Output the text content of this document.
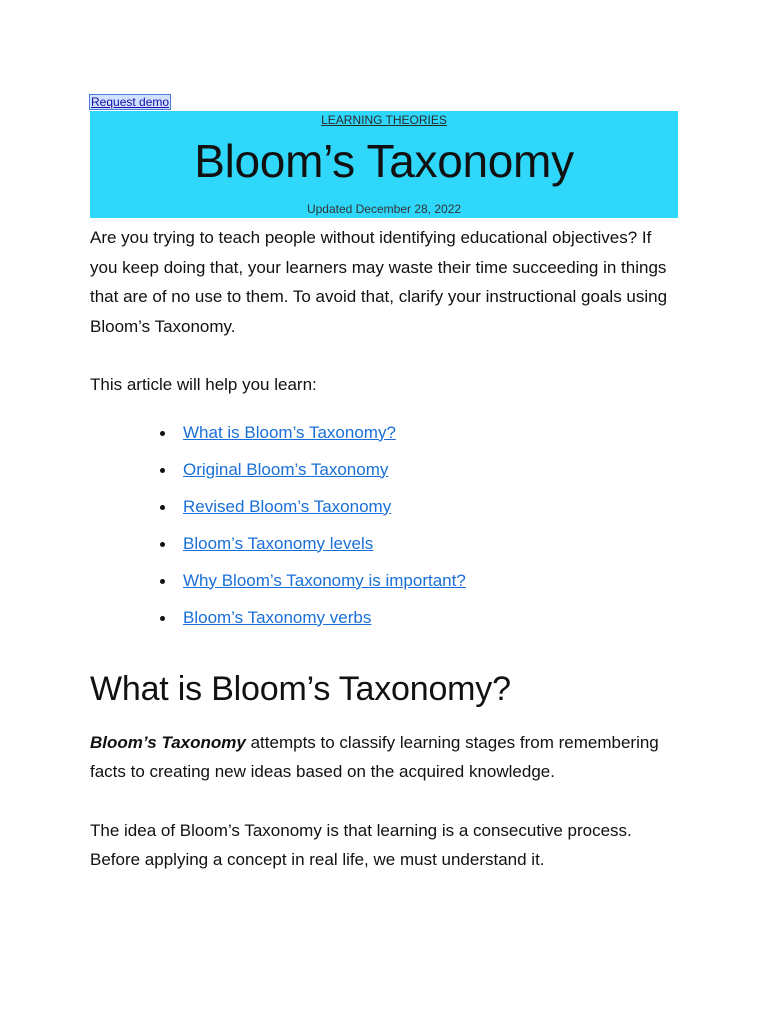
Request demo
LEARNING THEORIES
Bloom’s Taxonomy
Updated December 28, 2022

Are you trying to teach people without identifying educational objectives? If you keep doing that, your learners may waste their time succeeding in things that are of no use to them. To avoid that, clarify your instructional goals using Bloom’s Taxonomy.

This article will help you learn:

What is Bloom’s Taxonomy?
Original Bloom’s Taxonomy
Revised Bloom’s Taxonomy
Bloom’s Taxonomy levels
Why Bloom’s Taxonomy is important?
Bloom’s Taxonomy verbs
What is Bloom’s Taxonomy?

Bloom’s Taxonomy attempts to classify learning stages from remembering facts to creating new ideas based on the acquired knowledge.

The idea of Bloom’s Taxonomy is that learning is a consecutive process. Before applying a concept in real life, we must understand it.
